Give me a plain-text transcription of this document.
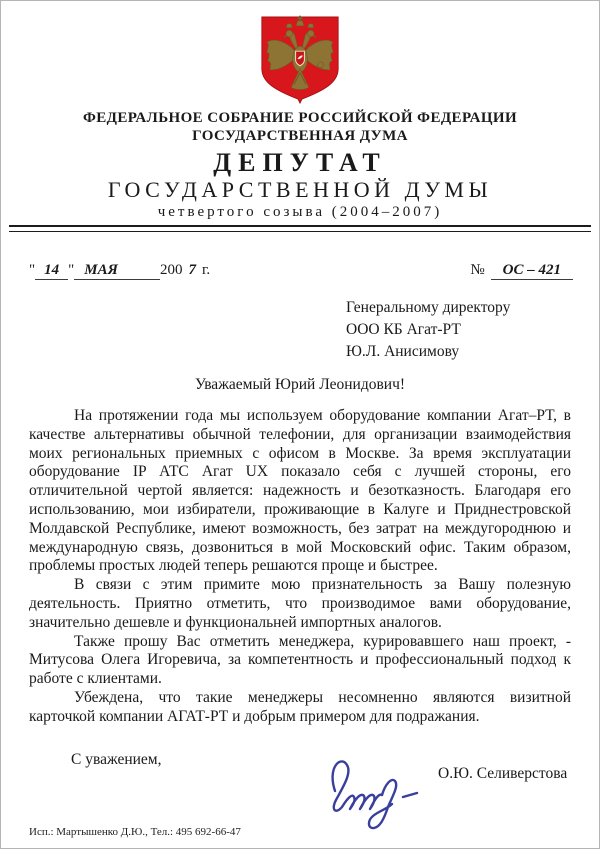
ФЕДЕРАЛЬНОЕ СОБРАНИЕ РОССИЙСКОЙ ФЕДЕРАЦИИ
ГОСУДАРСТВЕННАЯ ДУМА
ДЕПУТАТ
ГОСУДАРСТВЕННОЙ ДУМЫ
четвертого созыва (2004–2007)
" 14 " МАЯ	200 7 г.	№ ОС – 421
Генеральному директору
ООО КБ Агат-РТ
Ю.Л. Анисимову
Уважаемый Юрий Леонидович!

На протяжении года мы используем оборудование компании Агат–РТ, в качестве альтернативы обычной телефонии, для организации взаимодействия моих региональных приемных с офисом в Москве. За время эксплуатации оборудование IP АТС Агат UX показало себя с лучшей стороны, его отличительной чертой является: надежность и безотказность. Благодаря его использованию, мои избиратели, проживающие в Калуге и Приднестровской Молдавской Республике, имеют возможность, без затрат на междугороднюю и международную связь, дозвониться в мой Московский офис. Таким образом, проблемы простых людей теперь решаются проще и быстрее.

В связи с этим примите мою признательность за Вашу полезную деятельность. Приятно отметить, что производимое вами оборудование, значительно дешевле и функциональней импортных аналогов.

Также прошу Вас отметить менеджера, курировавшего наш проект, - Митусова Олега Игоревича, за компетентность и профессиональный подход к работе с клиентами.

Убеждена, что такие менеджеры несомненно являются визитной карточкой компании АГАТ-РТ и добрым примером для подражания.

С уважением,
О.Ю. Селиверстова
Исп.: Мартышенко Д.Ю., Тел.: 495 692-66-47
